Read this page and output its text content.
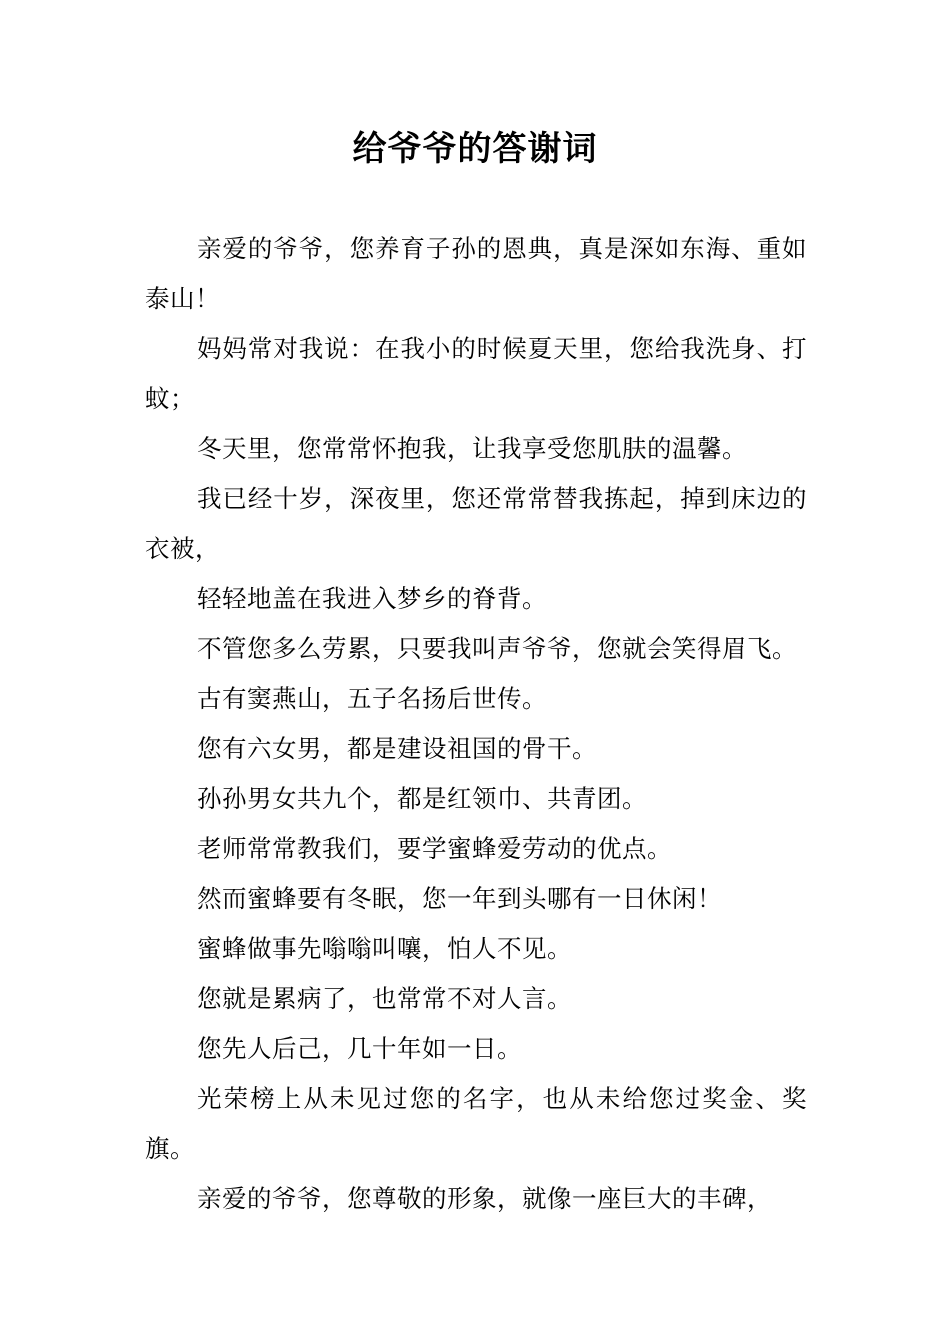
给爷爷的答谢词

亲爱的爷爷，您养育子孙的恩典，真是深如东海、重如泰山！

妈妈常对我说：在我小的时候夏天里，您给我洗身、打蚊；

冬天里，您常常怀抱我，让我享受您肌肤的温馨。

我已经十岁，深夜里，您还常常替我拣起，掉到床边的衣被，

轻轻地盖在我进入梦乡的脊背。

不管您多么劳累，只要我叫声爷爷，您就会笑得眉飞。

古有窦燕山，五子名扬后世传。

您有六女男，都是建设祖国的骨干。

孙孙男女共九个，都是红领巾、共青团。

老师常常教我们，要学蜜蜂爱劳动的优点。

然而蜜蜂要有冬眠，您一年到头哪有一日休闲！

蜜蜂做事先嗡嗡叫嚷，怕人不见。

您就是累病了，也常常不对人言。

您先人后己，几十年如一日。

光荣榜上从未见过您的名字，也从未给您过奖金、奖旗。

亲爱的爷爷，您尊敬的形象，就像一座巨大的丰碑，
